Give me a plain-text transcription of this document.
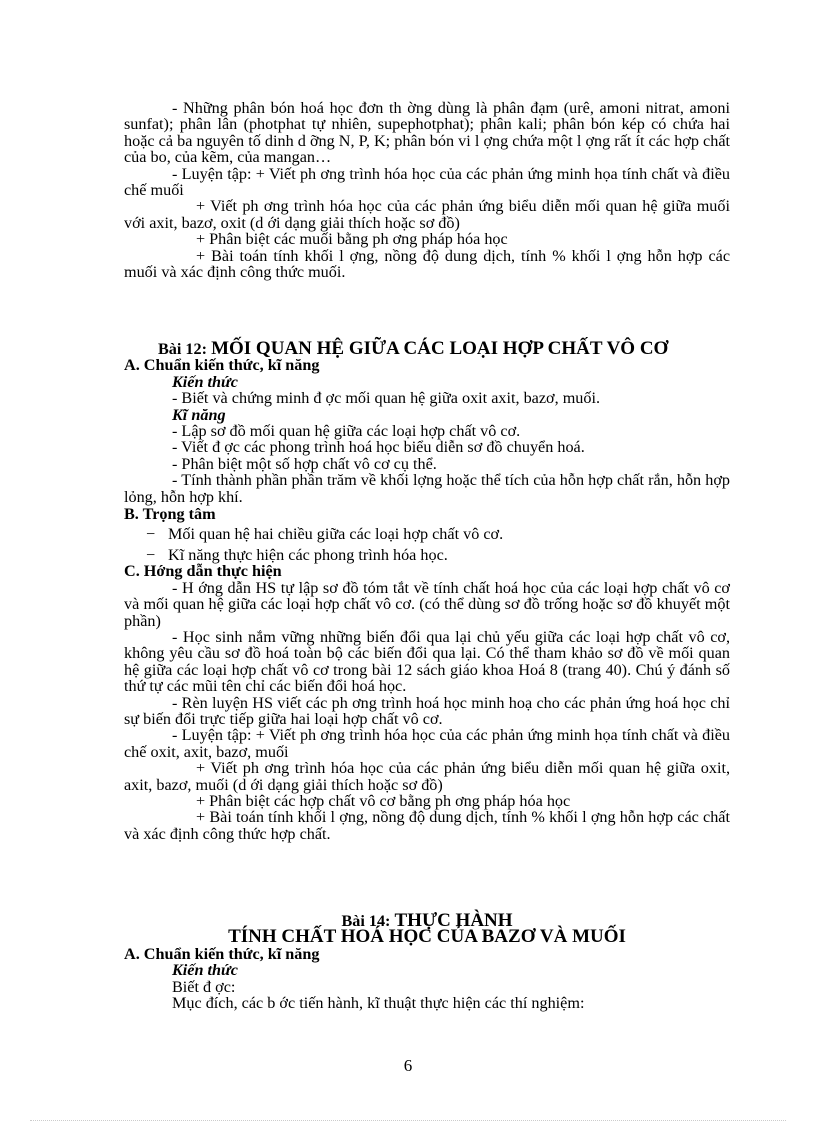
- Những phân bón hoá học đơn th ờng dùng là phân đạm (urê, amoni nitrat, amoni sunfat); phân lân (photphat tự nhiên, supephotphat); phân kali; phân bón kép có chứa hai hoặc cả ba nguyên tố dinh d ỡng N, P, K; phân bón vi l ợng chứa một l ợng rất ít các hợp chất của bo, của kẽm, của mangan…

- Luyện tập: + Viết ph ơng trình hóa học của các phản ứng minh họa tính chất và điều chế muối

+ Viết ph ơng trình hóa học của các phản ứng biểu diễn mối quan hệ giữa muối với axit, bazơ, oxit (d ới dạng giải thích hoặc sơ đồ)

+ Phân biệt các muối bằng ph ơng pháp hóa học

+ Bài toán tính khối l ợng, nồng độ dung dịch, tính % khối l ợng hỗn hợp các muối và xác định công thức muối.

Bài 12: MỐI QUAN HỆ GIỮA CÁC LOẠI HỢP CHẤT VÔ CƠ

A. Chuẩn kiến thức, kĩ năng

Kiến thức

- Biết và chứng minh đ ợc mối quan hệ giữa oxit axit, bazơ, muối.

Kĩ năng

- Lập sơ đồ mối quan hệ giữa các loại hợp chất vô cơ.

- Viết đ ợc các phong trình hoá học biểu diễn sơ đồ chuyển hoá.

- Phân biệt một số hợp chất vô cơ cụ thể.

- Tính thành phần phần trăm về khối lợng hoặc thể tích của hỗn hợp chất rắn, hỗn hợp lỏng, hỗn hợp khí.

B. Trọng tâm

− Mối quan hệ hai chiều giữa các loại hợp chất vô cơ.

− Kĩ năng thực hiện các phong trình hóa học.

C. Hớng dẫn thực hiện

- H ớng dẫn HS tự lập sơ đồ tóm tắt về tính chất hoá học của các loại hợp chất vô cơ và mối quan hệ giữa các loại hợp chất vô cơ. (có thể dùng sơ đồ trống hoặc sơ đồ khuyết một phần)

- Học sinh nắm vững những biến đổi qua lại chủ yếu giữa các loại hợp chất vô cơ, không yêu cầu sơ đồ hoá toàn bộ các biến đổi qua lại. Có thể tham khảo sơ đồ về mối quan hệ giữa các loại hợp chất vô cơ trong bài 12 sách giáo khoa Hoá 8 (trang 40). Chú ý đánh số thứ tự các mũi tên chỉ các biến đổi hoá học.

- Rèn luyện HS viết các ph ơng trình hoá học minh hoạ cho các phản ứng hoá học chỉ sự biến đổi trực tiếp giữa hai loại hợp chất vô cơ.

- Luyện tập: + Viết ph ơng trình hóa học của các phản ứng minh họa tính chất và điều chế oxit, axit, bazơ, muối

+ Viết ph ơng trình hóa học của các phản ứng biểu diễn mối quan hệ giữa oxit, axit, bazơ, muối (d ới dạng giải thích hoặc sơ đồ)

+ Phân biệt các hợp chất vô cơ bằng ph ơng pháp hóa học

+ Bài toán tính khối l ợng, nồng độ dung dịch, tính % khối l ợng hỗn hợp các chất và xác định công thức hợp chất.

Bài 14: THỰC HÀNH
TÍNH CHẤT HOÁ HỌC CỦA BAZƠ VÀ MUỐI

A. Chuẩn kiến thức, kĩ năng

Kiến thức

Biết đ ợc:

Mục đích, các b ớc tiến hành, kĩ thuật thực hiện các thí nghiệm:

6
